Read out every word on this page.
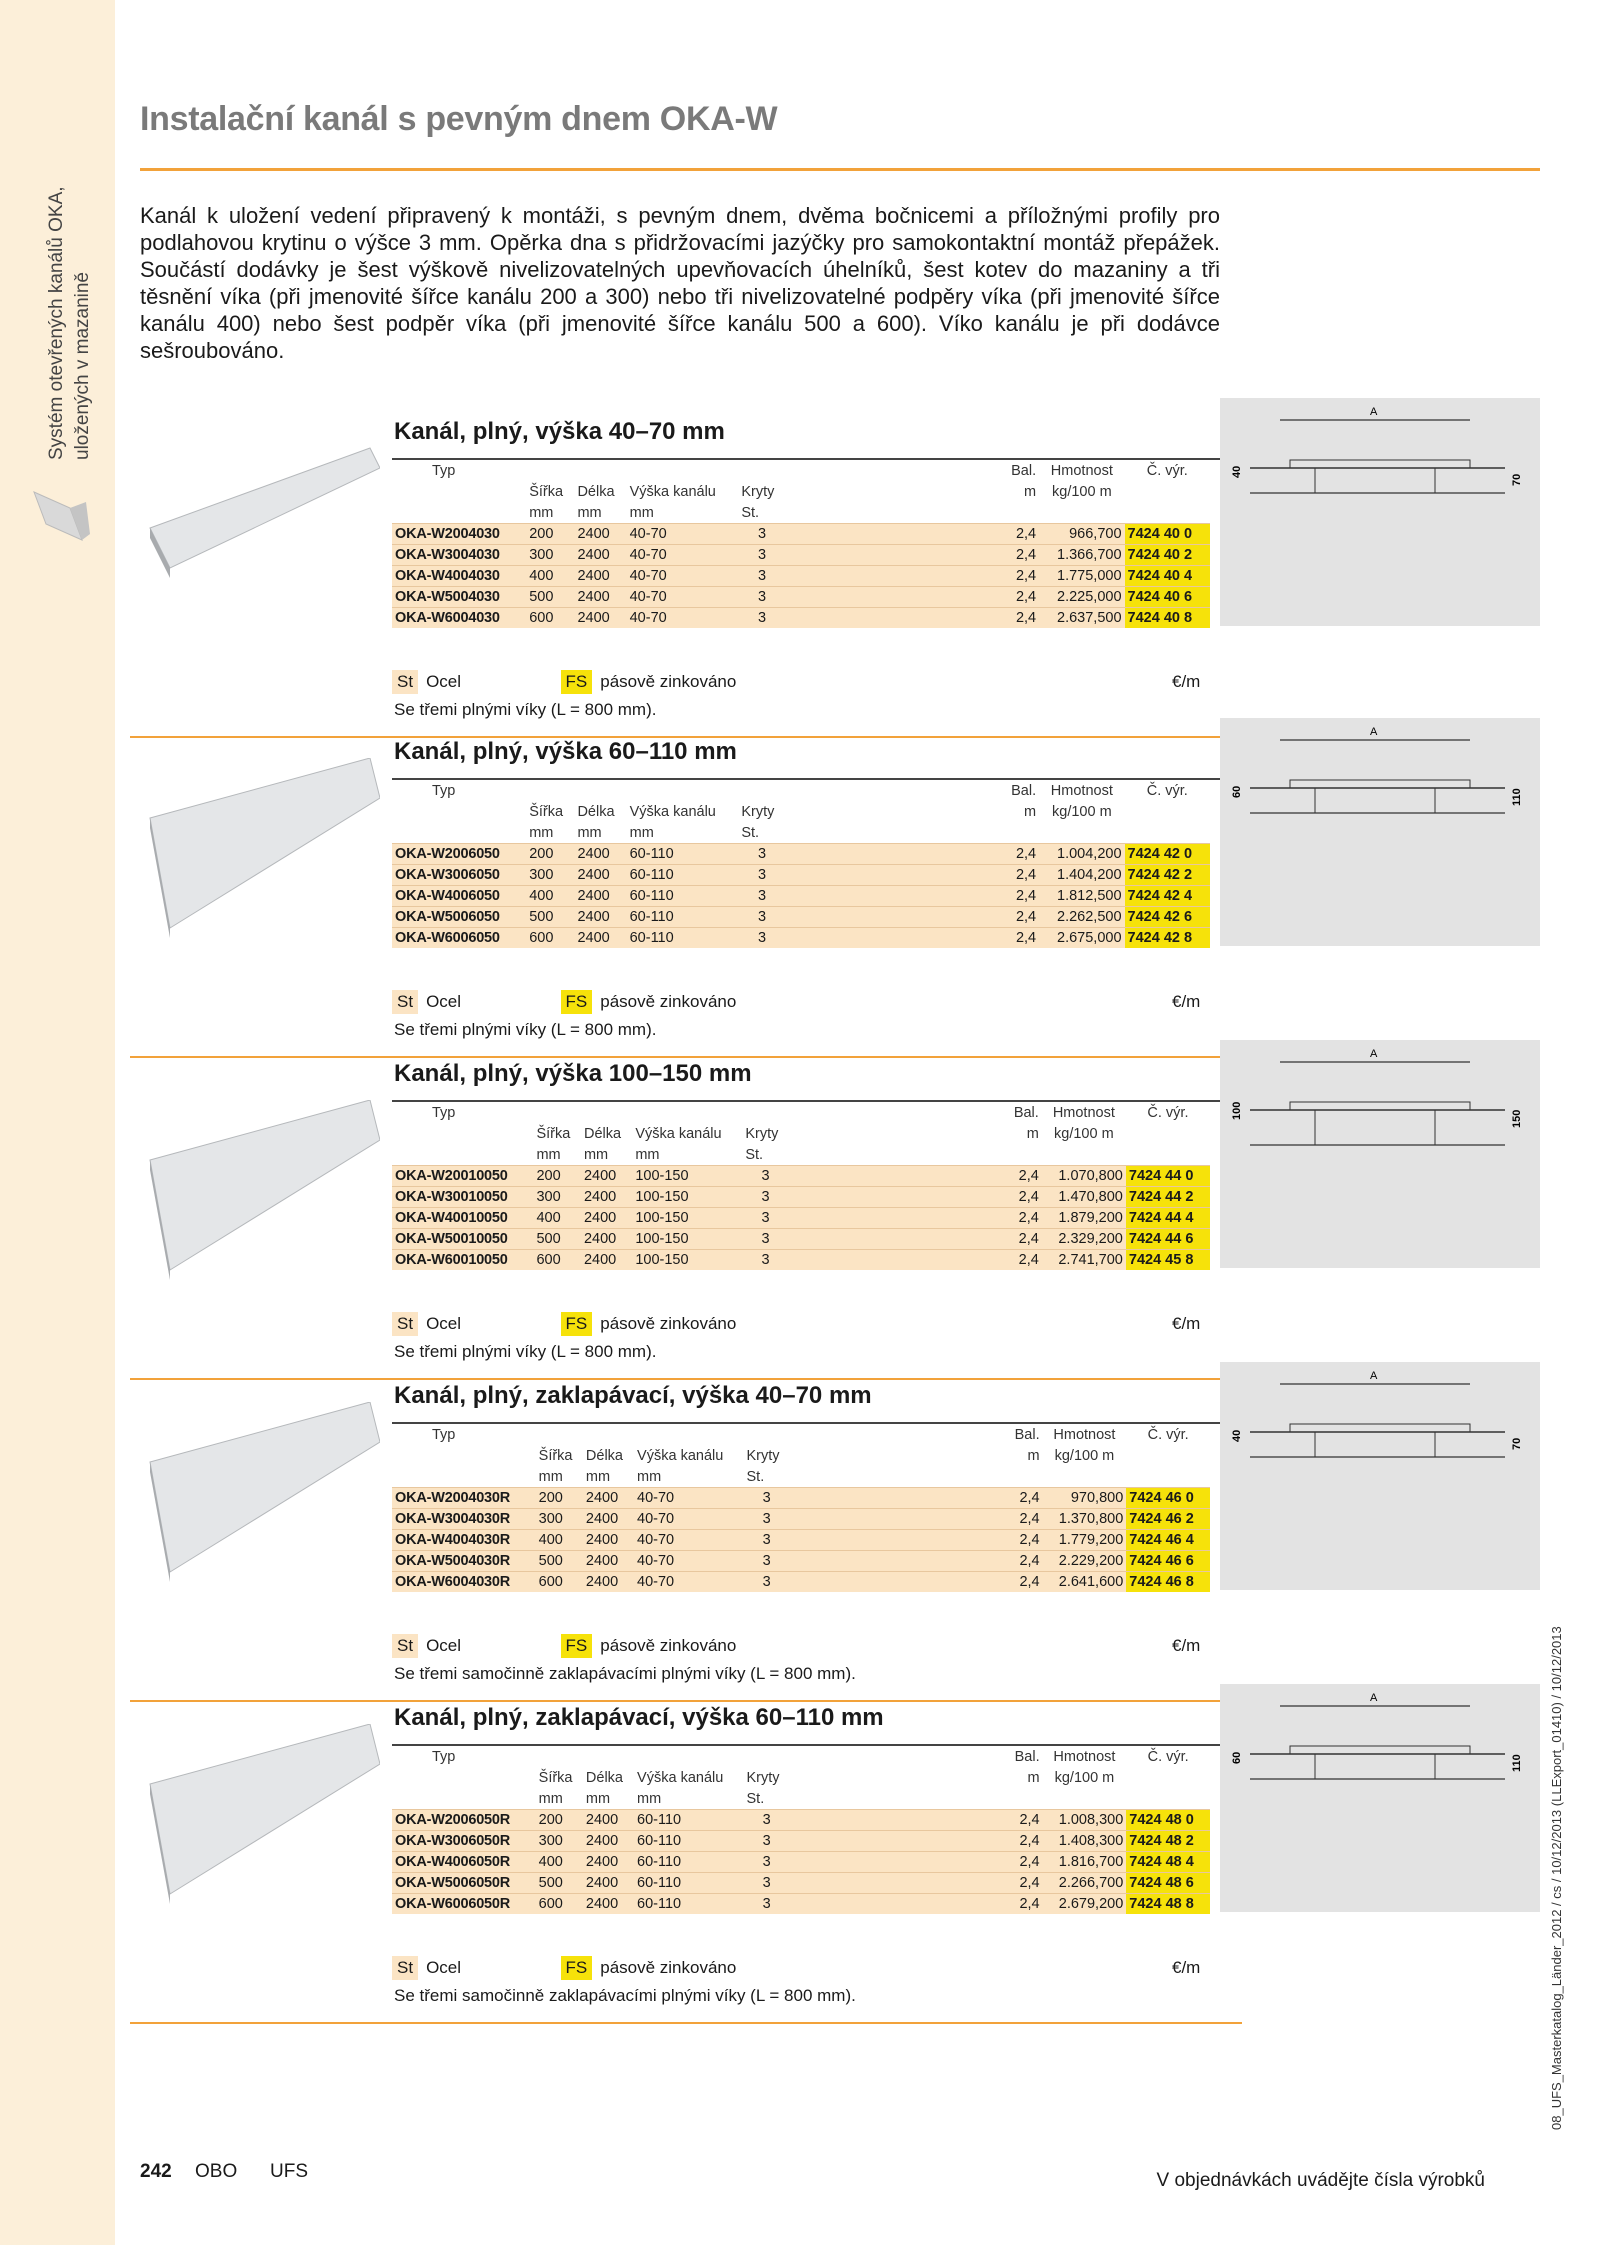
Systém otevřených kanálů OKA, uložených v mazanině
Instalační kanál s pevným dnem OKA-W

Kanál k uložení vedení připravený k montáži, s pevným dnem, dvěma bočnicemi a příložnými profily pro podlahovou krytinu o výšce 3 mm. Opěrka dna s přidržovacími jazýčky pro samokontaktní montáž přepážek. Součástí dodávky je šest výškově nivelizovatelných upevňovacích úhelníků, šest kotev do mazaniny a tři těsnění víka (při jmenovité šířce kanálu 200 a 300) nebo tři nivelizovatelné podpěry víka (při jmenovité šířce kanálu 400) nebo šest podpěr víka (při jmenovité šířce kanálu 500 a 600). Víko kanálu je při dodávce sešroubováno.

Kanál, plný, výška 40–70 mm
Typ						Bal.	Hmotnost	Č. výr.
	Šířka	Délka	Výška kanálu	Kryty		m	kg/100 m	
	mm	mm	mm	St.				
OKA-W2004030	200	2400	40-70	3		2,4	966,700	7424 40 0
OKA-W3004030	300	2400	40-70	3		2,4	1.366,700	7424 40 2
OKA-W4004030	400	2400	40-70	3		2,4	1.775,000	7424 40 4
OKA-W5004030	500	2400	40-70	3		2,4	2.225,000	7424 40 6
OKA-W6004030	600	2400	40-70	3		2,4	2.637,500	7424 40 8
St Ocel	FS pásově zinkováno	€/m
Se třemi plnými víky (L = 800 mm).
A
40
70
Kanál, plný, výška 60–110 mm
Typ						Bal.	Hmotnost	Č. výr.
	Šířka	Délka	Výška kanálu	Kryty		m	kg/100 m	
	mm	mm	mm	St.				
OKA-W2006050	200	2400	60-110	3		2,4	1.004,200	7424 42 0
OKA-W3006050	300	2400	60-110	3		2,4	1.404,200	7424 42 2
OKA-W4006050	400	2400	60-110	3		2,4	1.812,500	7424 42 4
OKA-W5006050	500	2400	60-110	3		2,4	2.262,500	7424 42 6
OKA-W6006050	600	2400	60-110	3		2,4	2.675,000	7424 42 8
St Ocel	FS pásově zinkováno	€/m
Se třemi plnými víky (L = 800 mm).
A
60	110
Kanál, plný, výška 100–150 mm
Typ						Bal.	Hmotnost	Č. výr.
	Šířka	Délka	Výška kanálu	Kryty		m	kg/100 m	
	mm	mm	mm	St.				
OKA-W20010050	200	2400	100-150	3		2,4	1.070,800	7424 44 0
OKA-W30010050	300	2400	100-150	3		2,4	1.470,800	7424 44 2
OKA-W40010050	400	2400	100-150	3		2,4	1.879,200	7424 44 4
OKA-W50010050	500	2400	100-150	3		2,4	2.329,200	7424 44 6
OKA-W60010050	600	2400	100-150	3		2,4	2.741,700	7424 45 8
St Ocel	FS pásově zinkováno	€/m
Se třemi plnými víky (L = 800 mm).
A
100	150
Kanál, plný, zaklapávací, výška 40–70 mm
Typ						Bal.	Hmotnost	Č. výr.
	Šířka	Délka	Výška kanálu	Kryty		m	kg/100 m	
	mm	mm	mm	St.				
OKA-W2004030R	200	2400	40-70	3		2,4	970,800	7424 46 0
OKA-W3004030R	300	2400	40-70	3		2,4	1.370,800	7424 46 2
OKA-W4004030R	400	2400	40-70	3		2,4	1.779,200	7424 46 4
OKA-W5004030R	500	2400	40-70	3		2,4	2.229,200	7424 46 6
OKA-W6004030R	600	2400	40-70	3		2,4	2.641,600	7424 46 8
St Ocel	FS pásově zinkováno	€/m
Se třemi samočinně zaklapávacími plnými víky (L = 800 mm).
A
40
70
Kanál, plný, zaklapávací, výška 60–110 mm
Typ						Bal.	Hmotnost	Č. výr.
	Šířka	Délka	Výška kanálu	Kryty		m	kg/100 m	
	mm	mm	mm	St.				
OKA-W2006050R	200	2400	60-110	3		2,4	1.008,300	7424 48 0
OKA-W3006050R	300	2400	60-110	3		2,4	1.408,300	7424 48 2
OKA-W4006050R	400	2400	60-110	3		2,4	1.816,700	7424 48 4
OKA-W5006050R	500	2400	60-110	3		2,4	2.266,700	7424 48 6
OKA-W6006050R	600	2400	60-110	3		2,4	2.679,200	7424 48 8
St Ocel	FS pásově zinkováno	€/m
Se třemi samočinně zaklapávacími plnými víky (L = 800 mm).
A
60	110
242 OBO UFS	V objednávkách uvádějte čísla výrobků
08_UFS_Masterkatalog_Länder_2012 / cs / 10/12/2013 (LLExport_01410) / 10/12/2013
